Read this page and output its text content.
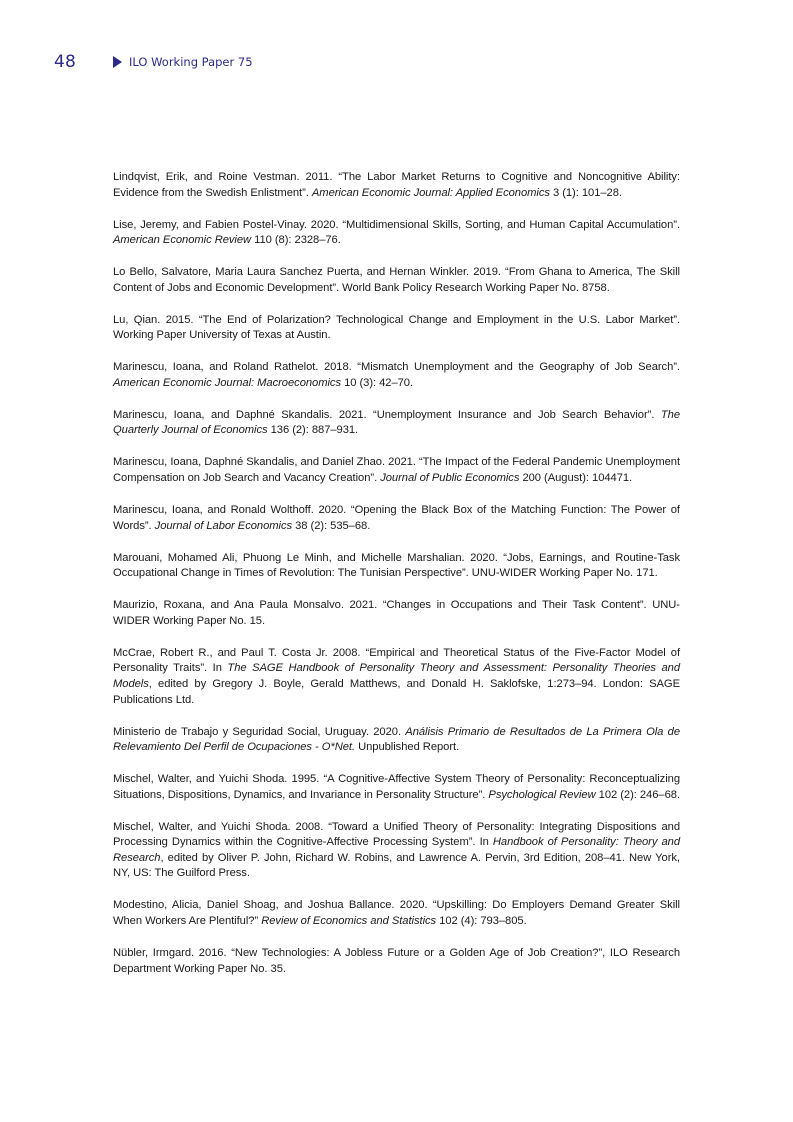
48	ILO Working Paper 75

Lindqvist, Erik, and Roine Vestman. 2011. “The Labor Market Returns to Cognitive and Noncognitive Ability: Evidence from the Swedish Enlistment”. American Economic Journal: Applied Economics 3 (1): 101–28.

Lise, Jeremy, and Fabien Postel-Vinay. 2020. “Multidimensional Skills, Sorting, and Human Capital Accumulation”. American Economic Review 110 (8): 2328–76.

Lo Bello, Salvatore, Maria Laura Sanchez Puerta, and Hernan Winkler. 2019. “From Ghana to America, The Skill Content of Jobs and Economic Development”. World Bank Policy Research Working Paper No. 8758.

Lu, Qian. 2015. “The End of Polarization? Technological Change and Employment in the U.S. Labor Market”. Working Paper University of Texas at Austin.

Marinescu, Ioana, and Roland Rathelot. 2018. “Mismatch Unemployment and the Geography of Job Search”. American Economic Journal: Macroeconomics 10 (3): 42–70.

Marinescu, Ioana, and Daphné Skandalis. 2021. “Unemployment Insurance and Job Search Behavior”. The Quarterly Journal of Economics 136 (2): 887–931.

Marinescu, Ioana, Daphné Skandalis, and Daniel Zhao. 2021. “The Impact of the Federal Pandemic Unemployment Compensation on Job Search and Vacancy Creation”. Journal of Public Economics 200 (August): 104471.

Marinescu, Ioana, and Ronald Wolthoff. 2020. “Opening the Black Box of the Matching Function: The Power of Words”. Journal of Labor Economics 38 (2): 535–68.

Marouani, Mohamed Ali, Phuong Le Minh, and Michelle Marshalian. 2020. “Jobs, Earnings, and Routine-Task Occupational Change in Times of Revolution: The Tunisian Perspective”. UNU-WIDER Working Paper No. 171.

Maurizio, Roxana, and Ana Paula Monsalvo. 2021. “Changes in Occupations and Their Task Content”. UNU-WIDER Working Paper No. 15.

McCrae, Robert R., and Paul T. Costa Jr. 2008. “Empirical and Theoretical Status of the Five-Factor Model of Personality Traits”. In The SAGE Handbook of Personality Theory and Assessment: Personality Theories and Models, edited by Gregory J. Boyle, Gerald Matthews, and Donald H. Saklofske, 1:273–94. London: SAGE Publications Ltd.

Ministerio de Trabajo y Seguridad Social, Uruguay. 2020. Análisis Primario de Resultados de La Primera Ola de Relevamiento Del Perfil de Ocupaciones - O*Net. Unpublished Report.

Mischel, Walter, and Yuichi Shoda. 1995. “A Cognitive-Affective System Theory of Personality: Reconceptualizing Situations, Dispositions, Dynamics, and Invariance in Personality Structure”. Psychological Review 102 (2): 246–68.

Mischel, Walter, and Yuichi Shoda. 2008. “Toward a Unified Theory of Personality: Integrating Dispositions and Processing Dynamics within the Cognitive-Affective Processing System”. In Handbook of Personality: Theory and Research, edited by Oliver P. John, Richard W. Robins, and Lawrence A. Pervin, 3rd Edition, 208–41. New York, NY, US: The Guilford Press.

Modestino, Alicia, Daniel Shoag, and Joshua Ballance. 2020. “Upskilling: Do Employers Demand Greater Skill When Workers Are Plentiful?” Review of Economics and Statistics 102 (4): 793–805.

Nübler, Irmgard. 2016. “New Technologies: A Jobless Future or a Golden Age of Job Creation?”, ILO Research Department Working Paper No. 35.
